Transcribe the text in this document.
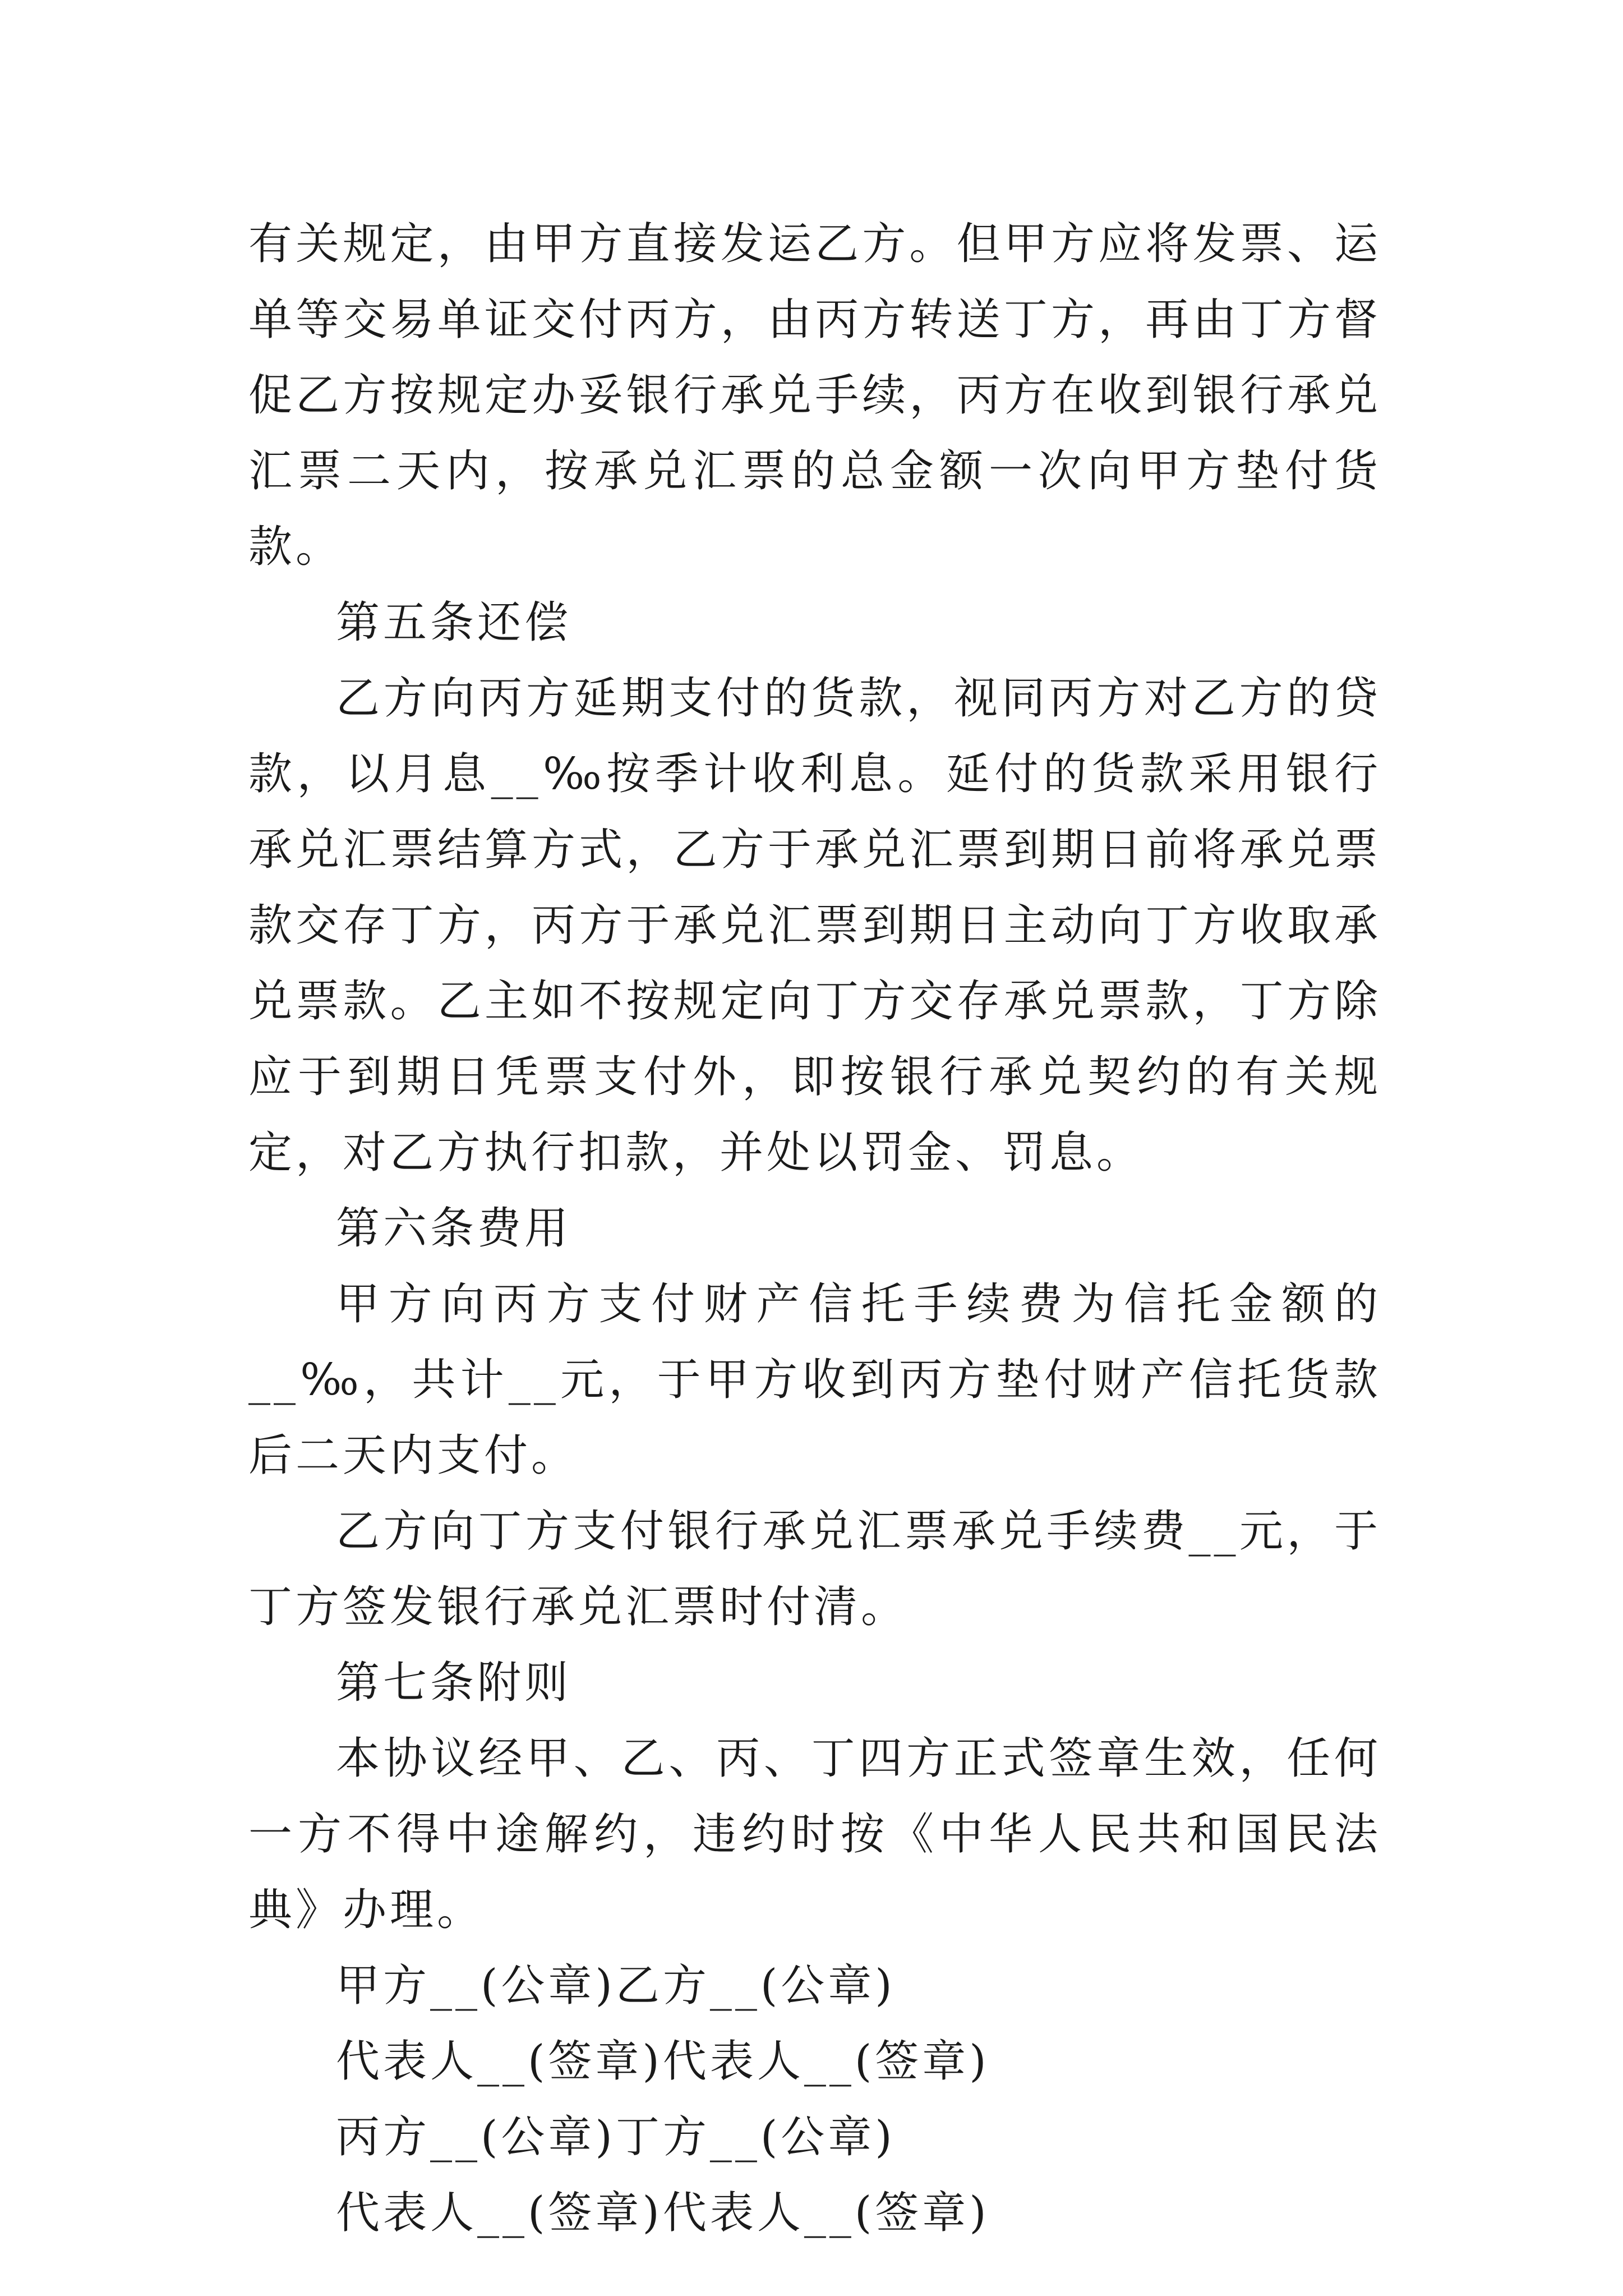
有关规定，由甲方直接发运乙方。但甲方应将发票、运单等交易单证交付丙方，由丙方转送丁方，再由丁方督促乙方按规定办妥银行承兑手续，丙方在收到银行承兑汇票二天内，按承兑汇票的总金额一次向甲方垫付货款。

第五条还偿

乙方向丙方延期支付的货款，视同丙方对乙方的贷款，以月息__‰按季计收利息。延付的货款采用银行承兑汇票结算方式，乙方于承兑汇票到期日前将承兑票款交存丁方，丙方于承兑汇票到期日主动向丁方收取承兑票款。乙主如不按规定向丁方交存承兑票款，丁方除应于到期日凭票支付外，即按银行承兑契约的有关规定，对乙方执行扣款，并处以罚金、罚息。

第六条费用

甲方向丙方支付财产信托手续费为信托金额的__‰，共计__元，于甲方收到丙方垫付财产信托货款后二天内支付。

乙方向丁方支付银行承兑汇票承兑手续费__元，于丁方签发银行承兑汇票时付清。

第七条附则

本协议经甲、乙、丙、丁四方正式签章生效，任何一方不得中途解约，违约时按《中华人民共和国民法典》办理。

甲方__(公章)乙方__(公章)

代表人__(签章)代表人__(签章)

丙方__(公章)丁方__(公章)

代表人__(签章)代表人__(签章)
